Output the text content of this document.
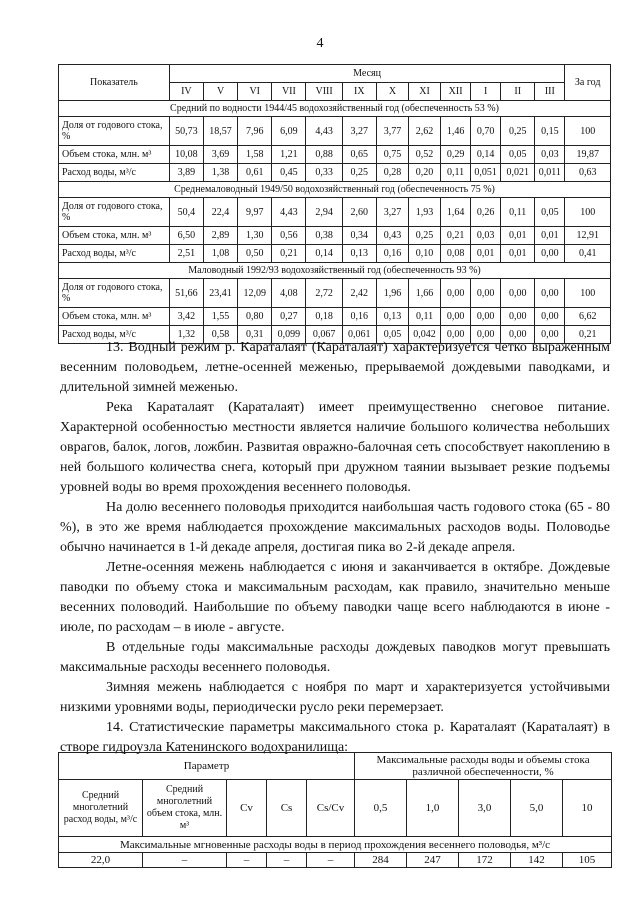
4
Показатель	Месяц												За год
	IV	V	VI	VII	VIII	IX	X	XI	XII	I	II	III	
Средний по водности 1944/45 водохозяйственный год (обеспеченность 53 %)													
Доля от годового стока, %	50,73	18,57	7,96	6,09	4,43	3,27	3,77	2,62	1,46	0,70	0,25	0,15	100
Объем стока, млн. м³	10,08	3,69	1,58	1,21	0,88	0,65	0,75	0,52	0,29	0,14	0,05	0,03	19,87
Расход воды, м³/с	3,89	1,38	0,61	0,45	0,33	0,25	0,28	0,20	0,11	0,051	0,021	0,011	0,63
Среднемаловодный 1949/50 водохозяйственный год (обеспеченность 75 %)													
Доля от годового стока, %	50,4	22,4	9,97	4,43	2,94	2,60	3,27	1,93	1,64	0,26	0,11	0,05	100
Объем стока, млн. м³	6,50	2,89	1,30	0,56	0,38	0,34	0,43	0,25	0,21	0,03	0,01	0,01	12,91
Расход воды, м³/с	2,51	1,08	0,50	0,21	0,14	0,13	0,16	0,10	0,08	0,01	0,01	0,00	0,41
Маловодный 1992/93 водохозяйственный год (обеспеченность 93 %)													
Доля от годового стока, %	51,66	23,41	12,09	4,08	2,72	2,42	1,96	1,66	0,00	0,00	0,00	0,00	100
Объем стока, млн. м³	3,42	1,55	0,80	0,27	0,18	0,16	0,13	0,11	0,00	0,00	0,00	0,00	6,62
Расход воды, м³/с	1,32	0,58	0,31	0,099	0,067	0,061	0,05	0,042	0,00	0,00	0,00	0,00	0,21

13. Водный режим р. Караталаят (Караталаят) характеризуется четко выраженным весенним половодьем, летне-осенней меженью, прерываемой дождевыми паводками, и длительной зимней меженью.

Река Караталаят (Караталаят) имеет преимущественно снеговое питание. Характерной особенностью местности является наличие большого количества небольших оврагов, балок, логов, ложбин. Развитая овражно-балочная сеть способствует накоплению в ней большого количества снега, который при дружном таянии вызывает резкие подъемы уровней воды во время прохождения весеннего половодья.

На долю весеннего половодья приходится наибольшая часть годового стока (65 - 80 %), в это же время наблюдается прохождение максимальных расходов воды. Половодье обычно начинается в 1-й декаде апреля, достигая пика во 2-й декаде апреля.

Летне-осенняя межень наблюдается с июня и заканчивается в октябре. Дождевые паводки по объему стока и максимальным расходам, как правило, значительно меньше весенних половодий. Наибольшие по объему паводки чаще всего наблюдаются в июне - июле, по расходам – в июле - августе.

В отдельные годы максимальные расходы дождевых паводков могут превышать максимальные расходы весеннего половодья.

Зимняя межень наблюдается с ноября по март и характеризуется устойчивыми низкими уровнями воды, периодически русло реки перемерзает.

14. Статистические параметры максимального стока р. Караталаят (Караталаят) в створе гидроузла Катенинского водохранилища:

Параметр					Максимальные расходы воды и объемы стока различной обеспеченности, %				
Средний многолетний расход воды, м³/с	Средний многолетний объем стока, млн. м³	Cv	Cs	Cs/Cv	0,5	1,0	3,0	5,0	10
Максимальные мгновенные расходы воды в период прохождения весеннего половодья, м³/с									
22,0	–	–	–	–	284	247	172	142	105
